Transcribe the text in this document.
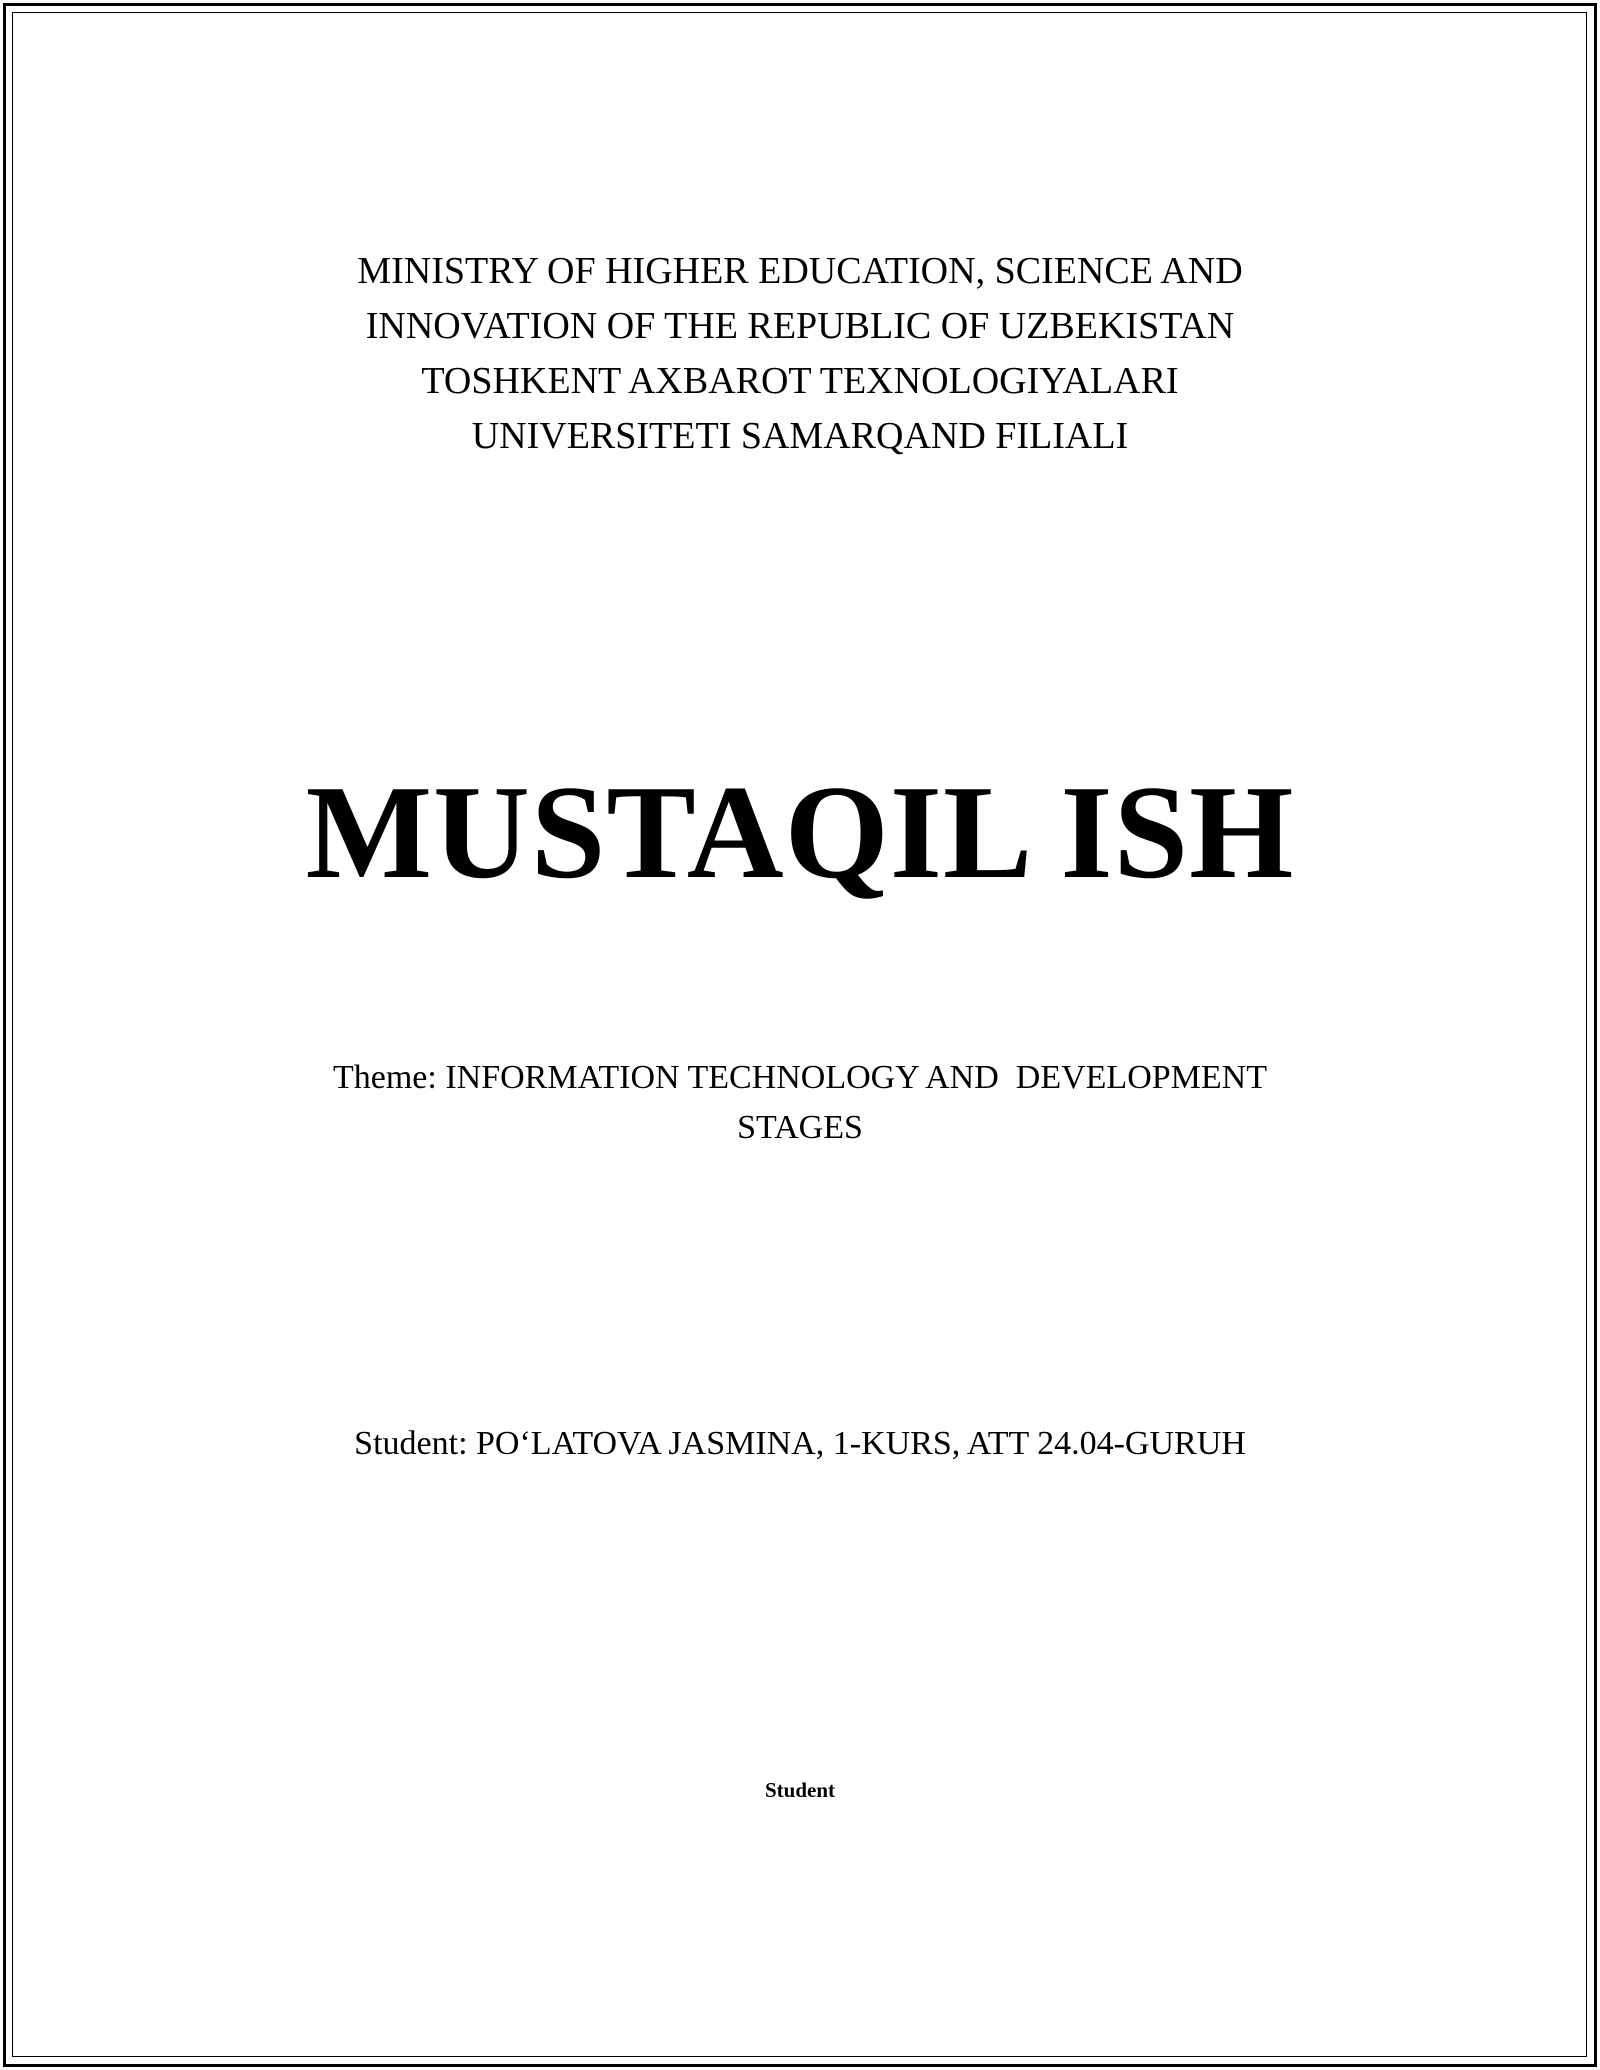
MINISTRY OF HIGHER EDUCATION, SCIENCE AND
INNOVATION OF THE REPUBLIC OF UZBEKISTAN
TOSHKENT AXBAROT TEXNOLOGIYALARI
UNIVERSITETI SAMARQAND FILIALI
MUSTAQIL ISH
Theme: INFORMATION TECHNOLOGY AND  DEVELOPMENT STAGES
Student: PO‘LATOVA JASMINA, 1-KURS, ATT 24.04-GURUH
Student
